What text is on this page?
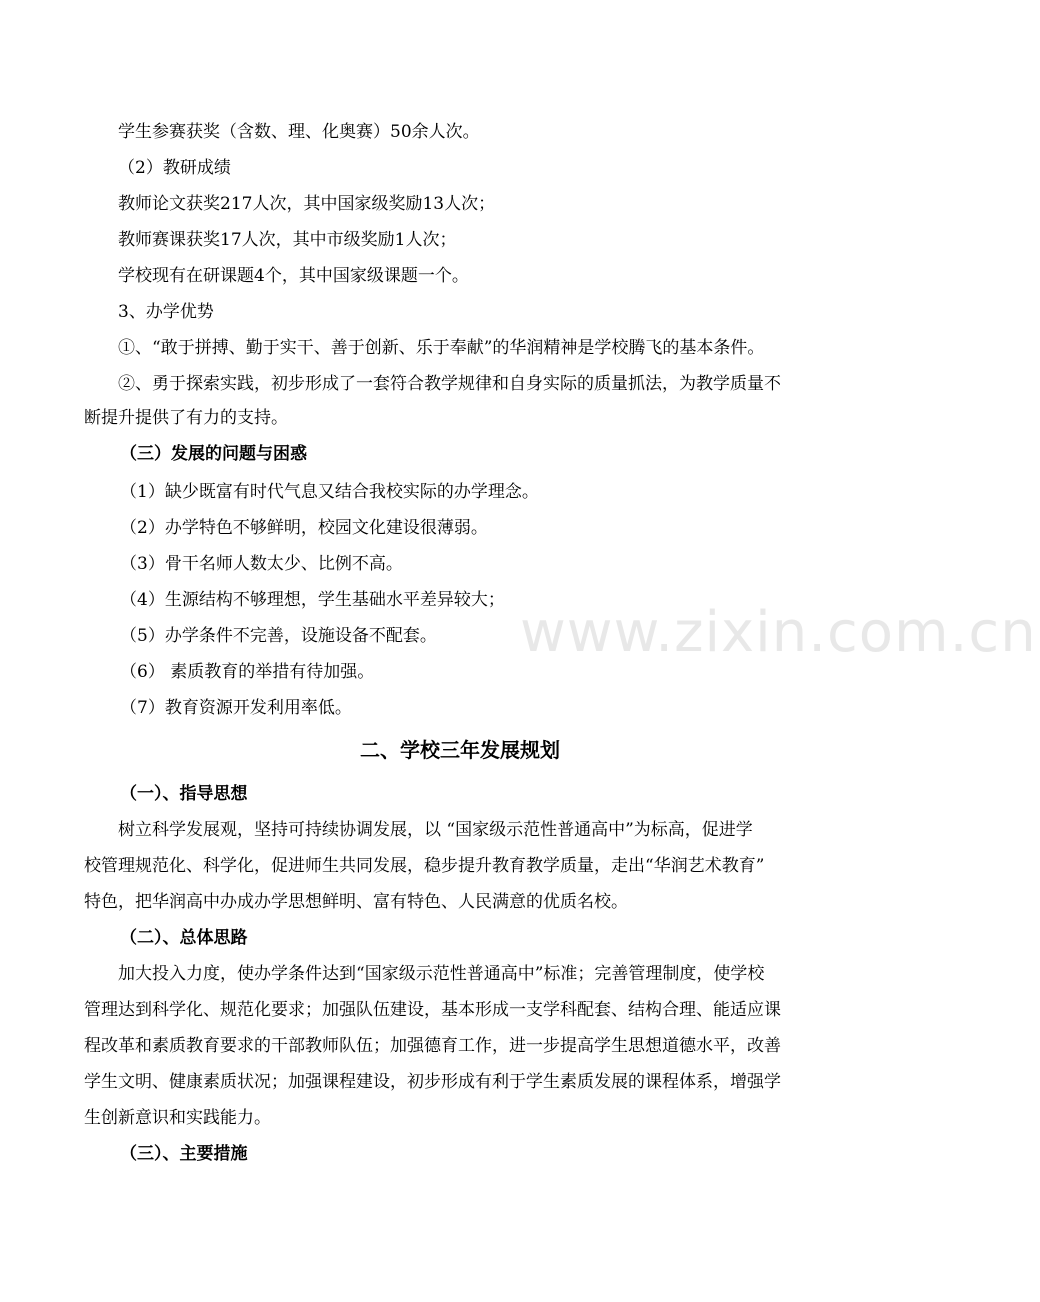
学生参赛获奖（含数、理、化奥赛）50余人次。
（2）教研成绩
教师论文获奖217人次，其中国家级奖励13人次；
教师赛课获奖17人次，其中市级奖励1人次；
学校现有在研课题4个，其中国家级课题一个。
3、办学优势
①、“敢于拼搏、勤于实干、善于创新、乐于奉献”的华润精神是学校腾飞的基本条件。
②、勇于探索实践，初步形成了一套符合教学规律和自身实际的质量抓法，为教学质量不
断提升提供了有力的支持。
（三）发展的问题与困惑
（1）缺少既富有时代气息又结合我校实际的办学理念。
（2）办学特色不够鲜明，校园文化建设很薄弱。
（3）骨干名师人数太少、比例不高。
（4）生源结构不够理想，学生基础水平差异较大；
（5）办学条件不完善，设施设备不配套。
（6） 素质教育的举措有待加强。
（7）教育资源开发利用率低。
二、学校三年发展规划
（一）、指导思想
树立科学发展观，坚持可持续协调发展，以 “国家级示范性普通高中”为标高，促进学
校管理规范化、科学化，促进师生共同发展，稳步提升教育教学质量，走出“华润艺术教育”
特色，把华润高中办成办学思想鲜明、富有特色、人民满意的优质名校。
（二）、总体思路
加大投入力度，使办学条件达到“国家级示范性普通高中”标准；完善管理制度，使学校
管理达到科学化、规范化要求；加强队伍建设，基本形成一支学科配套、结构合理、能适应课
程改革和素质教育要求的干部教师队伍；加强德育工作，进一步提高学生思想道德水平，改善
学生文明、健康素质状况；加强课程建设，初步形成有利于学生素质发展的课程体系，增强学
生创新意识和实践能力。
（三）、主要措施
www.zixin.com.cn
